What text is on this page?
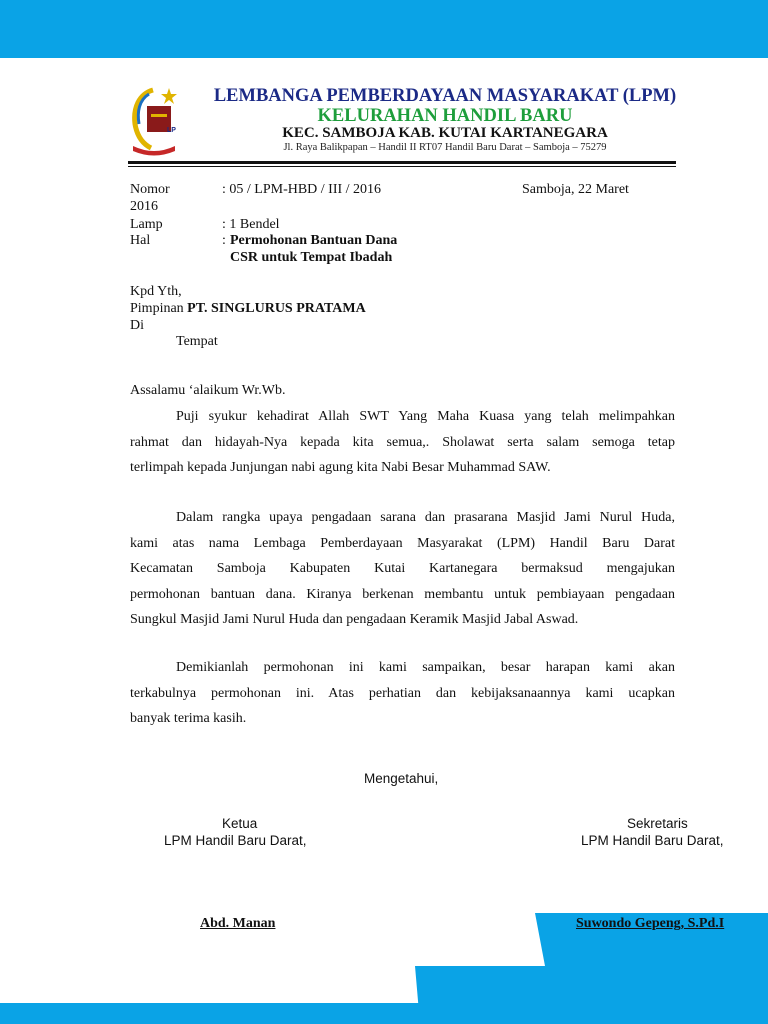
LP
LEMBANGA PEMBERDAYAAN MASYARAKAT (LPM)
KELURAHAN HANDIL BARU
KEC. SAMBOJA KAB. KUTAI KARTANEGARA
Jl. Raya Balikpapan – Handil II RT07 Handil Baru Darat – Samboja – 75279
Nomor	: 05 / LPM-HBD / III / 2016	Samboja, 22 Maret
2016
Lamp	: 1 Bendel
Hal	: Permohonan Bantuan Dana
CSR untuk Tempat Ibadah
Kpd Yth,
Pimpinan PT. SINGLURUS PRATAMA
Di
Tempat
Assalamu ‘alaikum Wr.Wb.
Puji syukur kehadirat Allah SWT Yang Maha Kuasa yang telah melimpahkan
rahmat dan hidayah-Nya kepada kita semua,. Sholawat serta salam semoga tetap
terlimpah kepada Junjungan nabi agung kita Nabi Besar Muhammad SAW.
Dalam rangka upaya pengadaan sarana dan prasarana Masjid Jami Nurul Huda,
kami atas nama Lembaga Pemberdayaan Masyarakat (LPM) Handil Baru Darat
Kecamatan Samboja Kabupaten Kutai Kartanegara bermaksud mengajukan
permohonan bantuan dana. Kiranya berkenan membantu untuk pembiayaan pengadaan
Sungkul Masjid Jami Nurul Huda dan pengadaan Keramik Masjid Jabal Aswad.
Demikianlah permohonan ini kami sampaikan, besar harapan kami akan
terkabulnya permohonan ini. Atas perhatian dan kebijaksanaannya kami ucapkan
banyak terima kasih.
Mengetahui,
Ketua
LPM Handil Baru Darat,
Sekretaris
LPM Handil Baru Darat,
Abd. Manan	Suwondo Gepeng, S.Pd.I
